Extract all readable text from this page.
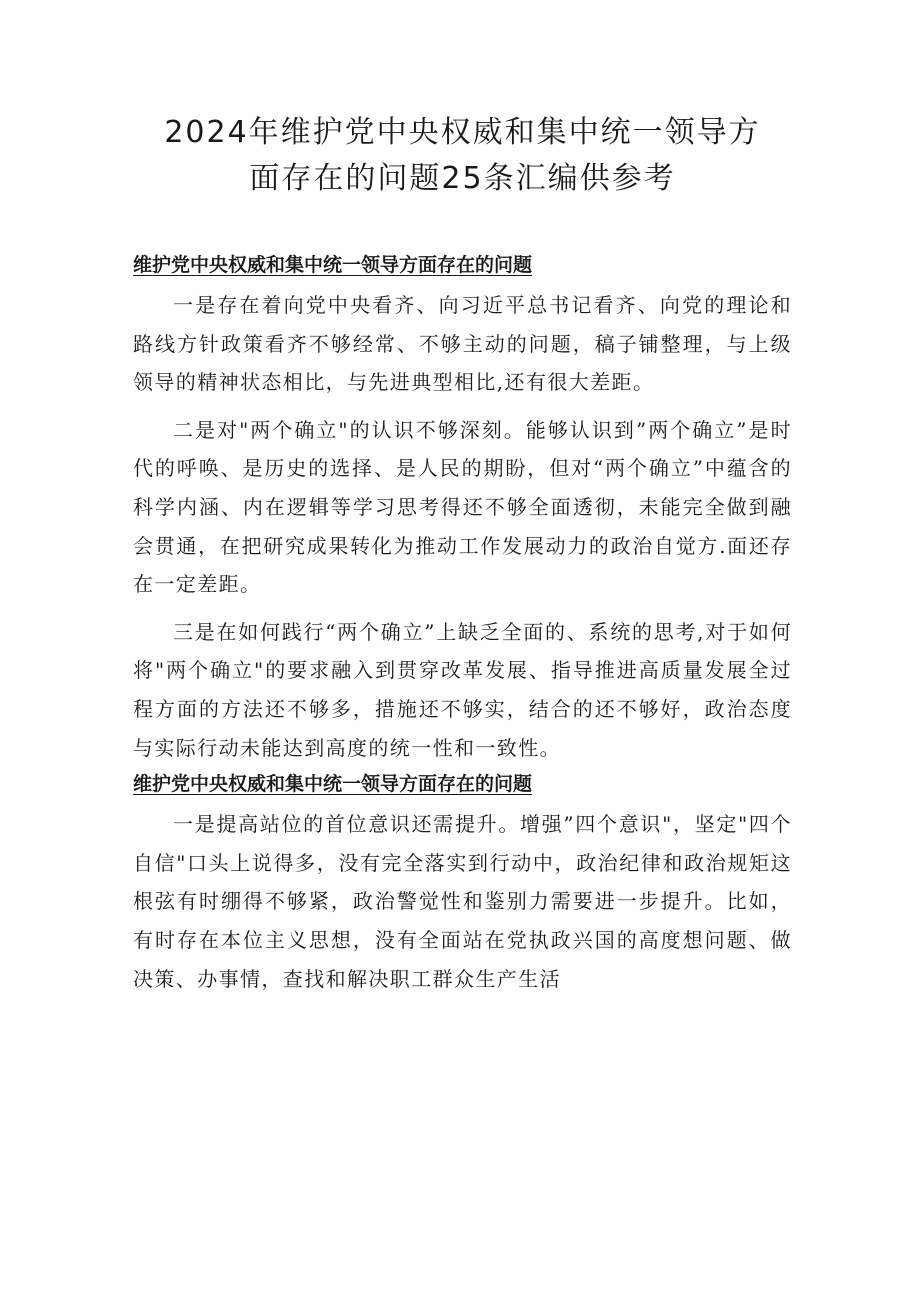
2024年维护党中央权威和集中统一领导方
面存在的问题25条汇编供参考
维护党中央权威和集中统一领导方面存在的问题

一是存在着向党中央看齐、向习近平总书记看齐、向党的理论和路线方针政策看齐不够经常、不够主动的问题，稿子铺整理，与上级领导的精神状态相比，与先进典型相比,还有很大差距。

二是对"两个确立"的认识不够深刻。能够认识到”两个确立”是时代的呼唤、是历史的选择、是人民的期盼，但对“两个确立”中蕴含的科学内涵、内在逻辑等学习思考得还不够全面透彻，未能完全做到融会贯通，在把研究成果转化为推动工作发展动力的政治自觉方.面还存在一定差距。

三是在如何践行“两个确立”上缺乏全面的、系统的思考,对于如何将"两个确立"的要求融入到贯穿改革发展、指导推进高质量发展全过程方面的方法还不够多，措施还不够实，结合的还不够好，政治态度与实际行动未能达到高度的统一性和一致性。

维护党中央权威和集中统一领导方面存在的问题

一是提高站位的首位意识还需提升。增强”四个意识"，坚定"四个自信"口头上说得多，没有完全落实到行动中，政治纪律和政治规矩这根弦有时绷得不够紧，政治警觉性和鉴别力需要进一步提升。比如，有时存在本位主义思想，没有全面站在党执政兴国的高度想问题、做决策、办事情，查找和解决职工群众生产生活
